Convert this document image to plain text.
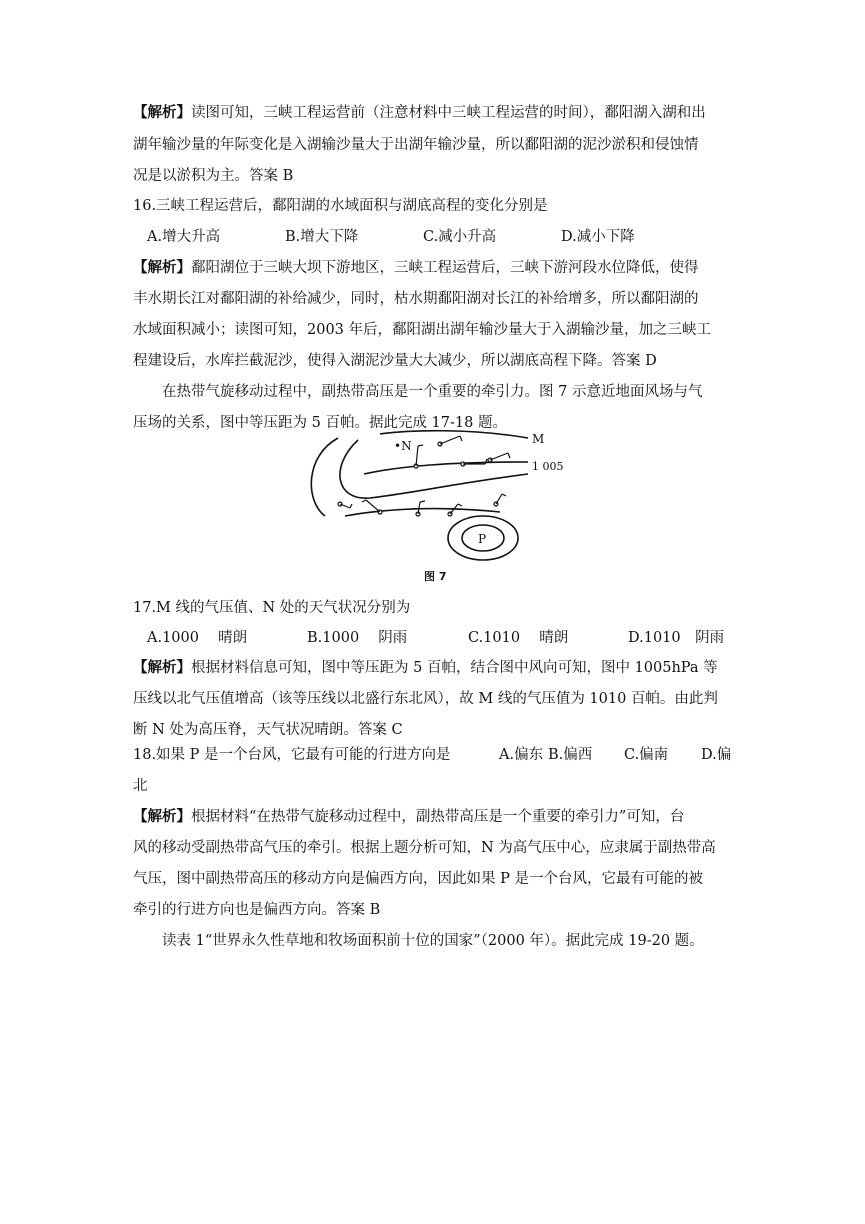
【解析】读图可知，三峡工程运营前（注意材料中三峡工程运营的时间），鄱阳湖入湖和出
湖年输沙量的年际变化是入湖输沙量大于出湖年输沙量，所以鄱阳湖的泥沙淤积和侵蚀情
况是以淤积为主。答案 B
16.三峡工程运营后，鄱阳湖的水域面积与湖底高程的变化分别是
A.增大升高	B.增大下降	C.减小升高	D.减小下降
【解析】鄱阳湖位于三峡大坝下游地区，三峡工程运营后，三峡下游河段水位降低，使得
丰水期长江对鄱阳湖的补给减少，同时，枯水期鄱阳湖对长江的补给增多，所以鄱阳湖的
水域面积减小；读图可知，2003 年后，鄱阳湖出湖年输沙量大于入湖输沙量，加之三峡工
程建设后，水库拦截泥沙，使得入湖泥沙量大大减少，所以湖底高程下降。答案 D
在热带气旋移动过程中，副热带高压是一个重要的牵引力。图 7 示意近地面风场与气
压场的关系，图中等压距为 5 百帕。据此完成 17-18 题。
•N	M
1 005
P
图 7
17.M 线的气压值、N 处的天气状况分别为
A.1000　 晴朗	B.1000　 阴雨	C.1010　 晴朗	D.1010　阴雨
【解析】根据材料信息可知，图中等压距为 5 百帕，结合图中风向可知，图中 1005hPa 等
压线以北气压值增高（该等压线以北盛行东北风），故 M 线的气压值为 1010 百帕。由此判
断 N 处为高压脊，天气状况晴朗。答案 C
18.如果 P 是一个台风，它最有可能的行进方向是	A.偏东 B.偏西 C.偏南 D.偏
北
【解析】根据材料“在热带气旋移动过程中，副热带高压是一个重要的牵引力”可知，台
风的移动受副热带高气压的牵引。根据上题分析可知，N 为高气压中心，应隶属于副热带高
气压，图中副热带高压的移动方向是偏西方向，因此如果 P 是一个台风，它最有可能的被
牵引的行进方向也是偏西方向。答案 B
读表 1“世界永久性草地和牧场面积前十位的国家”（2000 年）。据此完成 19-20 题。
